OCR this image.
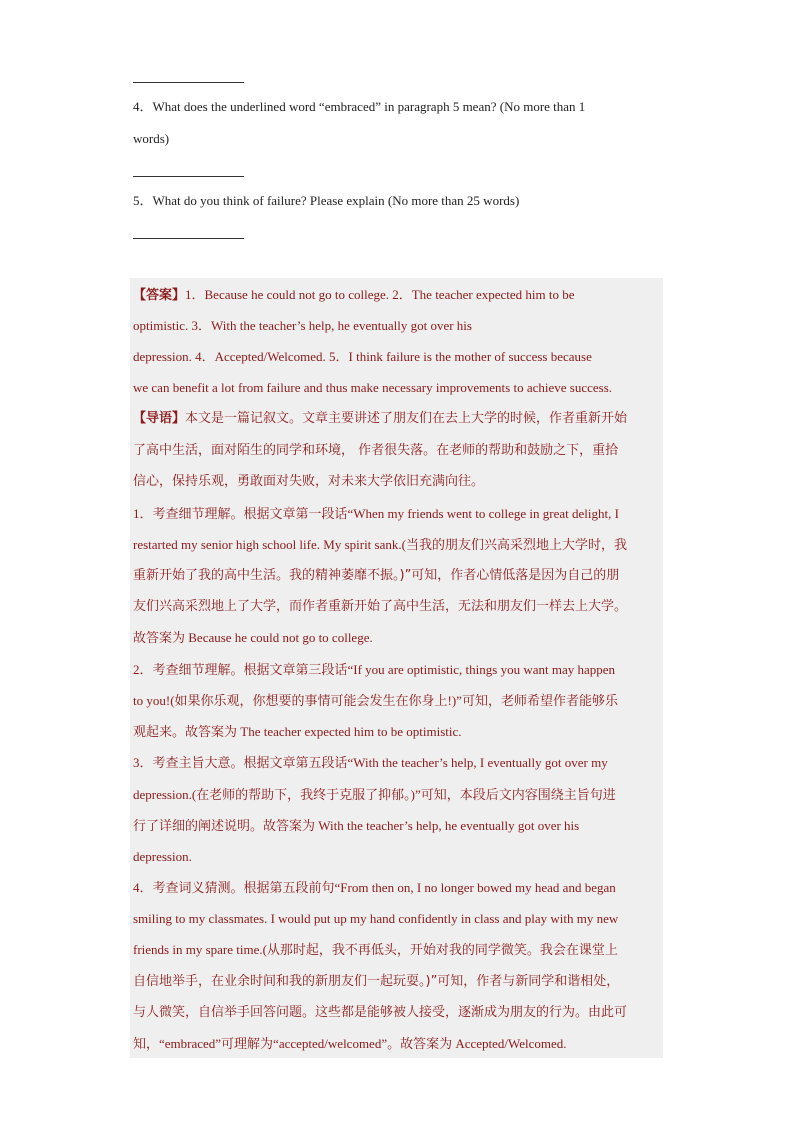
4．What does the underlined word “embraced” in paragraph 5 mean? (No more than 1
words)
5．What do you think of failure? Please explain (No more than 25 words)
【答案】1．Because he could not go to college. 2．The teacher expected him to be
optimistic. 3．With the teacher’s help, he eventually got over his
depression. 4．Accepted/Welcomed. 5．I think failure is the mother of success because
we can benefit a lot from failure and thus make necessary improvements to achieve success.
【导语】本文是一篇记叙文。文章主要讲述了朋友们在去上大学的时候，作者重新开始
了高中生活，面对陌生的同学和环境， 作者很失落。在老师的帮助和鼓励之下，重拾
信心，保持乐观，勇敢面对失败，对未来大学依旧充满向往。
1．考查细节理解。根据文章第一段话“When my friends went to college in great delight, I
restarted my senior high school life. My spirit sank.(当我的朋友们兴高采烈地上大学时，我
重新开始了我的高中生活。我的精神萎靡不振。)”可知，作者心情低落是因为自己的朋
友们兴高采烈地上了大学，而作者重新开始了高中生活，无法和朋友们一样去上大学。
故答案为 Because he could not go to college.
2．考查细节理解。根据文章第三段话“If you are optimistic, things you want may happen
to you!(如果你乐观，你想要的事情可能会发生在你身上!)”可知，老师希望作者能够乐
观起来。故答案为 The teacher expected him to be optimistic.
3．考查主旨大意。根据文章第五段话“With the teacher’s help, I eventually got over my
depression.(在老师的帮助下，我终于克服了抑郁。)”可知，本段后文内容围绕主旨句进
行了详细的阐述说明。故答案为 With the teacher’s help, he eventually got over his
depression.
4．考查词义猜测。根据第五段前句“From then on, I no longer bowed my head and began
smiling to my classmates. I would put up my hand confidently in class and play with my new
friends in my spare time.(从那时起，我不再低头，开始对我的同学微笑。我会在课堂上
自信地举手，在业余时间和我的新朋友们一起玩耍。)”可知，作者与新同学和谐相处，
与人微笑，自信举手回答问题。这些都是能够被人接受，逐渐成为朋友的行为。由此可
知，“embraced”可理解为“accepted/welcomed”。故答案为 Accepted/Welcomed.
